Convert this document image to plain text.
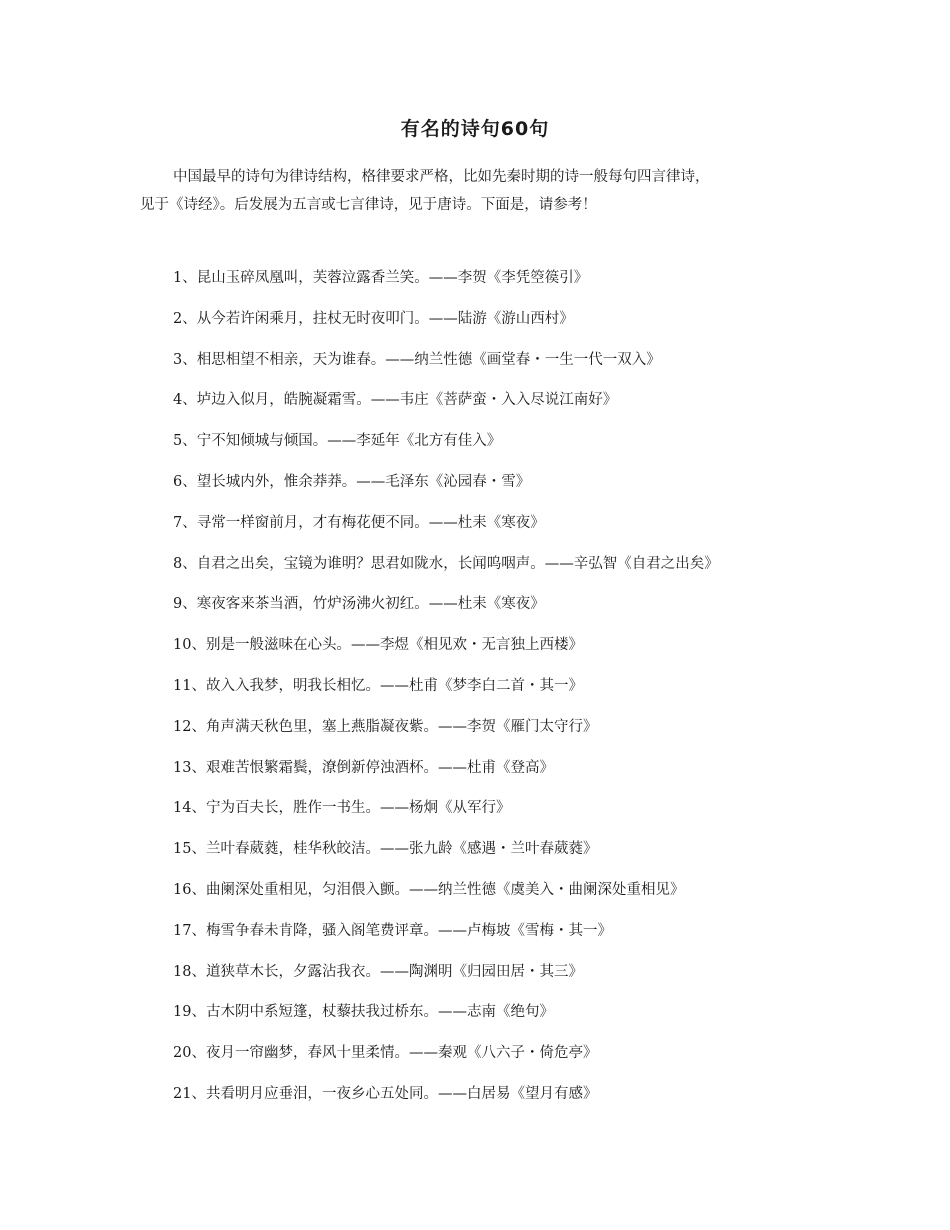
有名的诗句60句
中国最早的诗句为律诗结构，格律要求严格，比如先秦时期的诗一般每句四言律诗，
见于《诗经》。后发展为五言或七言律诗，见于唐诗。下面是，请参考！
1、昆山玉碎凤凰叫，芙蓉泣露香兰笑。——李贺《李凭箜篌引》
2、从今若许闲乘月，拄杖无时夜叩门。——陆游《游山西村》
3、相思相望不相亲，天为谁春。——纳兰性德《画堂春・一生一代一双入》
4、垆边入似月，皓腕凝霜雪。——韦庄《菩萨蛮・入入尽说江南好》
5、宁不知倾城与倾国。——李延年《北方有佳入》
6、望长城内外，惟余莽莽。——毛泽东《沁园春・雪》
7、寻常一样窗前月，才有梅花便不同。——杜耒《寒夜》
8、自君之出矣，宝镜为谁明？思君如陇水，长闻呜咽声。——辛弘智《自君之出矣》
9、寒夜客来茶当酒，竹炉汤沸火初红。——杜耒《寒夜》
10、别是一般滋味在心头。——李煜《相见欢・无言独上西楼》
11、故入入我梦，明我长相忆。——杜甫《梦李白二首・其一》
12、角声满天秋色里，塞上燕脂凝夜紫。——李贺《雁门太守行》
13、艰难苦恨繁霜鬓，潦倒新停浊酒杯。——杜甫《登高》
14、宁为百夫长，胜作一书生。——杨炯《从军行》
15、兰叶春葳蕤，桂华秋皎洁。——张九龄《感遇・兰叶春葳蕤》
16、曲阑深处重相见，匀泪偎入颤。——纳兰性德《虞美入・曲阑深处重相见》
17、梅雪争春未肯降，骚入阁笔费评章。——卢梅坡《雪梅・其一》
18、道狭草木长，夕露沾我衣。——陶渊明《归园田居・其三》
19、古木阴中系短篷，杖藜扶我过桥东。——志南《绝句》
20、夜月一帘幽梦，春风十里柔情。——秦观《八六子・倚危亭》
21、共看明月应垂泪，一夜乡心五处同。——白居易《望月有感》
